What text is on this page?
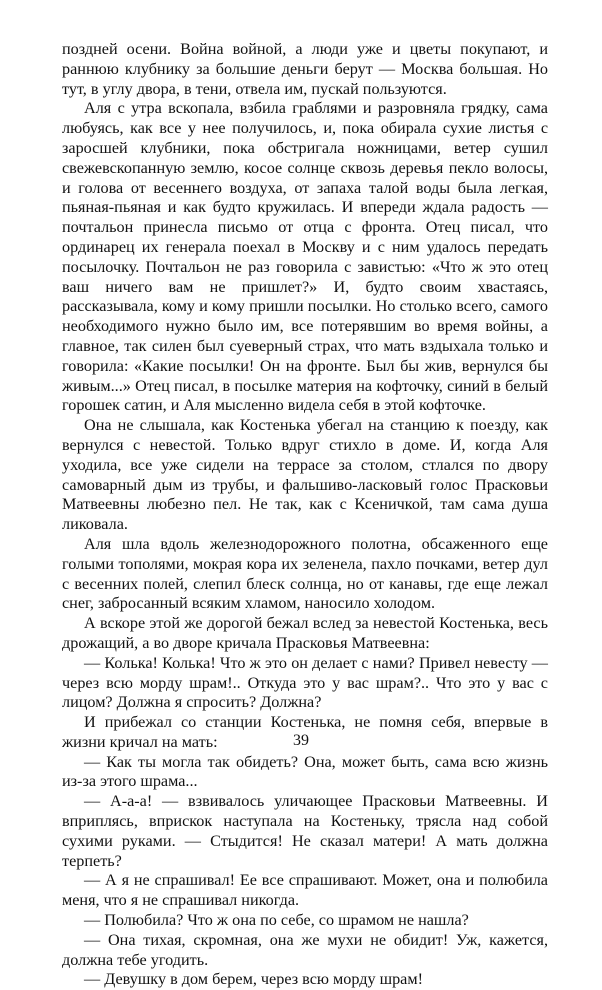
поздней осени. Война войной, а люди уже и цветы покупают, и раннюю клубнику за большие деньги берут — Москва большая. Но тут, в углу двора, в тени, отвела им, пускай пользуются.

Аля с утра вскопала, взбила граблями и разровняла грядку, сама любуясь, как все у нее получилось, и, пока обирала сухие листья с заросшей клубники, пока обстригала ножницами, ветер сушил свежевскопанную землю, косое солнце сквозь деревья пекло волосы, и голова от весеннего воздуха, от запаха талой воды была легкая, пьяная-пьяная и как будто кружилась. И впереди ждала радость — почтальон принесла письмо от отца с фронта. Отец писал, что ординарец их генерала поехал в Москву и с ним удалось передать посылочку. Почтальон не раз говорила с завистью: «Что ж это отец ваш ничего вам не пришлет?» И, будто своим хвастаясь, рассказывала, кому и кому пришли посылки. Но столько всего, самого необходимого нужно было им, все потерявшим во время войны, а главное, так силен был суеверный страх, что мать вздыхала только и говорила: «Какие посылки! Он на фронте. Был бы жив, вернулся бы живым...» Отец писал, в посылке материя на кофточку, синий в белый горошек сатин, и Аля мысленно видела себя в этой кофточке.

Она не слышала, как Костенька убегал на станцию к поезду, как вернулся с невестой. Только вдруг стихло в доме. И, когда Аля уходила, все уже сидели на террасе за столом, стлался по двору самоварный дым из трубы, и фальшиво-ласковый голос Прасковьи Матвеевны любезно пел. Не так, как с Ксеничкой, там сама душа ликовала.

Аля шла вдоль железнодорожного полотна, обсаженного еще голыми тополями, мокрая кора их зеленела, пахло почками, ветер дул с весенних полей, слепил блеск солнца, но от канавы, где еще лежал снег, забросанный всяким хламом, наносило холодом.

А вскоре этой же дорогой бежал вслед за невестой Костенька, весь дрожащий, а во дворе кричала Прасковья Матвеевна:

— Колька! Колька! Что ж это он делает с нами? Привел невесту — через всю морду шрам!.. Откуда это у вас шрам?.. Что это у вас с лицом? Должна я спросить? Должна?

И прибежал со станции Костенька, не помня себя, впервые в жизни кричал на мать:

— Как ты могла так обидеть? Она, может быть, сама всю жизнь из-за этого шрама...

— А-а-а! — взвивалось уличающее Прасковьи Матвеевны. И вприплясь, вприскок наступала на Костеньку, трясла над собой сухими руками. — Стыдится! Не сказал матери! А мать должна терпеть?

— А я не спрашивал! Ее все спрашивают. Может, она и полюбила меня, что я не спрашивал никогда.

— Полюбила? Что ж она по себе, со шрамом не нашла?

— Она тихая, скромная, она же мухи не обидит! Уж, кажется, должна тебе угодить.

— Девушку в дом берем, через всю морду шрам!

39
